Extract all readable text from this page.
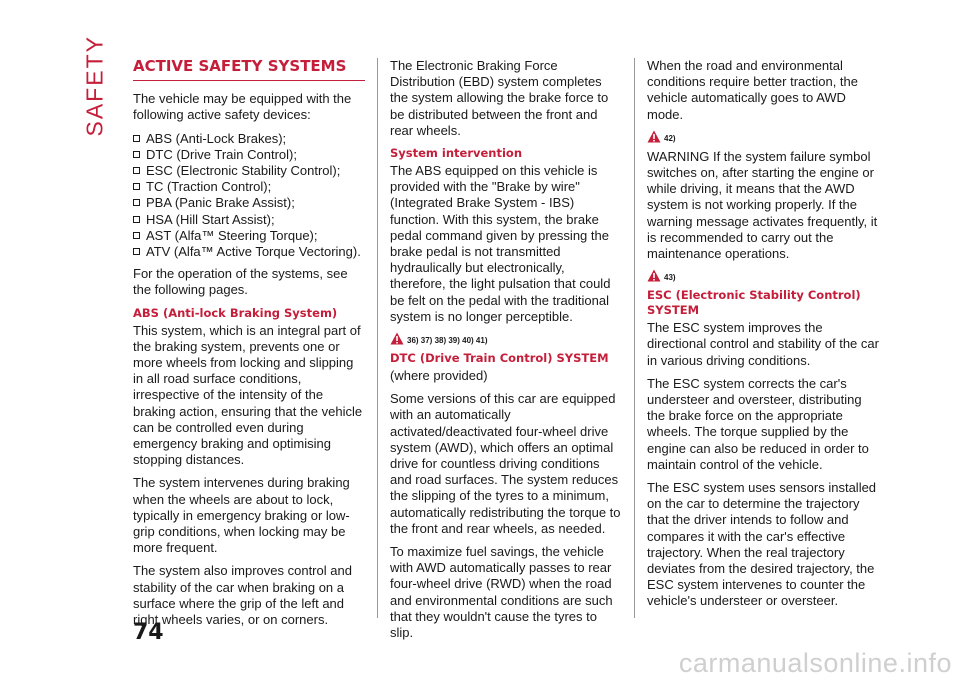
SAFETY ACTIVE SAFETY SYSTEMS

The vehicle may be equipped with the following active safety devices:

ABS (Anti-Lock Brakes);
DTC (Drive Train Control);
ESC (Electronic Stability Control);
TC (Traction Control);
PBA (Panic Brake Assist);
HSA (Hill Start Assist);
AST (Alfa™ Steering Torque);
ATV (Alfa™ Active Torque Vectoring).

For the operation of the systems, see the following pages.

ABS (Anti-lock Braking System)

This system, which is an integral part of the braking system, prevents one or more wheels from locking and slipping in all road surface conditions, irrespective of the intensity of the braking action, ensuring that the vehicle can be controlled even during emergency braking and optimising stopping distances.

The system intervenes during braking when the wheels are about to lock, typically in emergency braking or low-grip conditions, when locking may be more frequent.

The system also improves control and stability of the car when braking on a surface where the grip of the left and right wheels varies, or on corners.

The Electronic Braking Force Distribution (EBD) system completes the system allowing the brake force to be distributed between the front and rear wheels.

System intervention

The ABS equipped on this vehicle is provided with the "Brake by wire" (Integrated Brake System - IBS) function. With this system, the brake pedal command given by pressing the brake pedal is not transmitted hydraulically but electronically, therefore, the light pulsation that could be felt on the pedal with the traditional system is no longer perceptible.

36) 37) 38) 39) 40) 41)
DTC (Drive Train Control) SYSTEM

(where provided)

Some versions of this car are equipped with an automatically activated/deactivated four-wheel drive system (AWD), which offers an optimal drive for countless driving conditions and road surfaces. The system reduces the slipping of the tyres to a minimum, automatically redistributing the torque to the front and rear wheels, as needed.

To maximize fuel savings, the vehicle with AWD automatically passes to rear four-wheel drive (RWD) when the road and environmental conditions are such that they wouldn't cause the tyres to slip.

When the road and environmental conditions require better traction, the vehicle automatically goes to AWD mode.

42)

WARNING If the system failure symbol switches on, after starting the engine or while driving, it means that the AWD system is not working properly. If the warning message activates frequently, it is recommended to carry out the maintenance operations.

43)
ESC (Electronic Stability Control) SYSTEM

The ESC system improves the directional control and stability of the car in various driving conditions.

The ESC system corrects the car's understeer and oversteer, distributing the brake force on the appropriate wheels. The torque supplied by the engine can also be reduced in order to maintain control of the vehicle.

The ESC system uses sensors installed on the car to determine the trajectory that the driver intends to follow and compares it with the car's effective trajectory. When the real trajectory deviates from the desired trajectory, the ESC system intervenes to counter the vehicle's understeer or oversteer.

74
carmanualsonline.info
